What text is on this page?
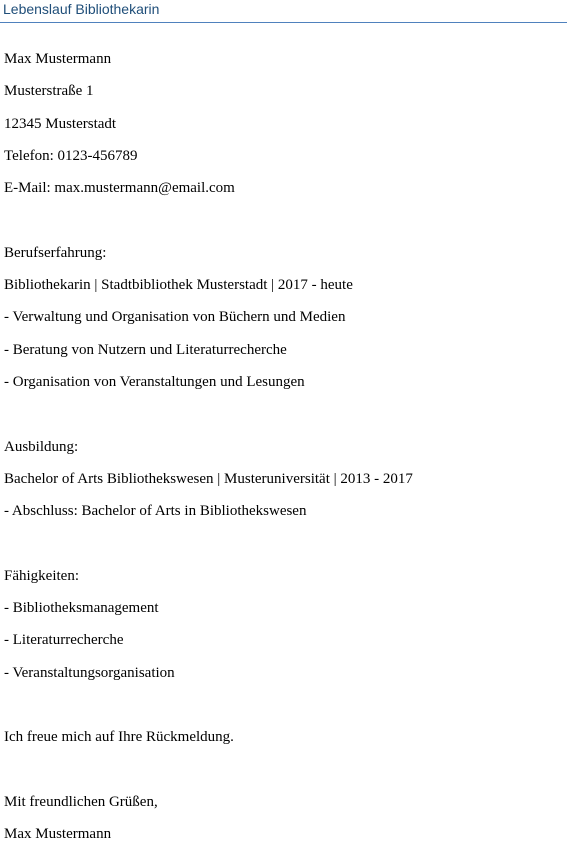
Lebenslauf Bibliothekarin
Max Mustermann
Musterstraße 1
12345 Musterstadt
Telefon: 0123-456789
E-Mail: max.mustermann@email.com
Berufserfahrung:
Bibliothekarin | Stadtbibliothek Musterstadt | 2017 - heute
- Verwaltung und Organisation von Büchern und Medien
- Beratung von Nutzern und Literaturrecherche
- Organisation von Veranstaltungen und Lesungen
Ausbildung:
Bachelor of Arts Bibliothekswesen | Musteruniversität | 2013 - 2017
- Abschluss: Bachelor of Arts in Bibliothekswesen
Fähigkeiten:
- Bibliotheksmanagement
- Literaturrecherche
- Veranstaltungsorganisation
Ich freue mich auf Ihre Rückmeldung.
Mit freundlichen Grüßen,
Max Mustermann
